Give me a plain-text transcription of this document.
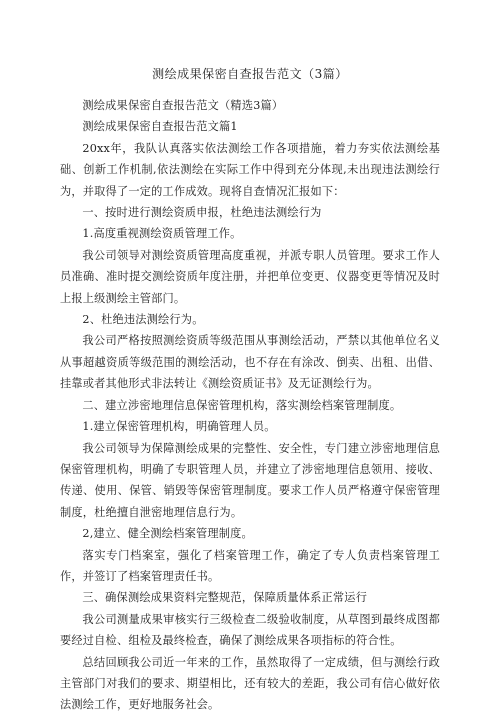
测绘成果保密自查报告范文（3篇）

测绘成果保密自查报告范文（精选3篇）

测绘成果保密自查报告范文篇1

20xx年，我队认真落实依法测绘工作各项措施，着力夯实依法测绘基础、创新工作机制,依法测绘在实际工作中得到充分体现,未出现违法测绘行为，并取得了一定的工作成效。现将自查情况汇报如下：

一、按时进行测绘资质申报，杜绝违法测绘行为

1.高度重视测绘资质管理工作。

我公司领导对测绘资质管理高度重视，并派专职人员管理。要求工作人员准确、准时提交测绘资质年度注册，并把单位变更、仪器变更等情况及时上报上级测绘主管部门。

2、杜绝违法测绘行为。

我公司严格按照测绘资质等级范围从事测绘活动，严禁以其他单位名义从事超越资质等级范围的测绘活动，也不存在有涂改、倒卖、出租、出借、挂靠或者其他形式非法转让《测绘资质证书》及无证测绘行为。

二、建立涉密地理信息保密管理机构，落实测绘档案管理制度。

1.建立保密管理机构，明确管理人员。

我公司领导为保障测绘成果的完整性、安全性，专门建立涉密地理信息保密管理机构，明确了专职管理人员，并建立了涉密地理信息领用、接收、传递、使用、保管、销毁等保密管理制度。要求工作人员严格遵守保密管理制度，杜绝擅自泄密地理信息行为。

2,建立、健全测绘档案管理制度。

落实专门档案室，强化了档案管理工作，确定了专人负责档案管理工作，并签订了档案管理责任书。

三、确保测绘成果资料完整规范，保障质量体系正常运行

我公司测量成果审核实行三级检查二级验收制度，从草图到最终成图都要经过自检、组检及最终检查，确保了测绘成果各项指标的符合性。

总结回顾我公司近一年来的工作，虽然取得了一定成绩，但与测绘行政主管部门对我们的要求、期望相比，还有较大的差距，我公司有信心做好依法测绘工作，更好地服务社会。
